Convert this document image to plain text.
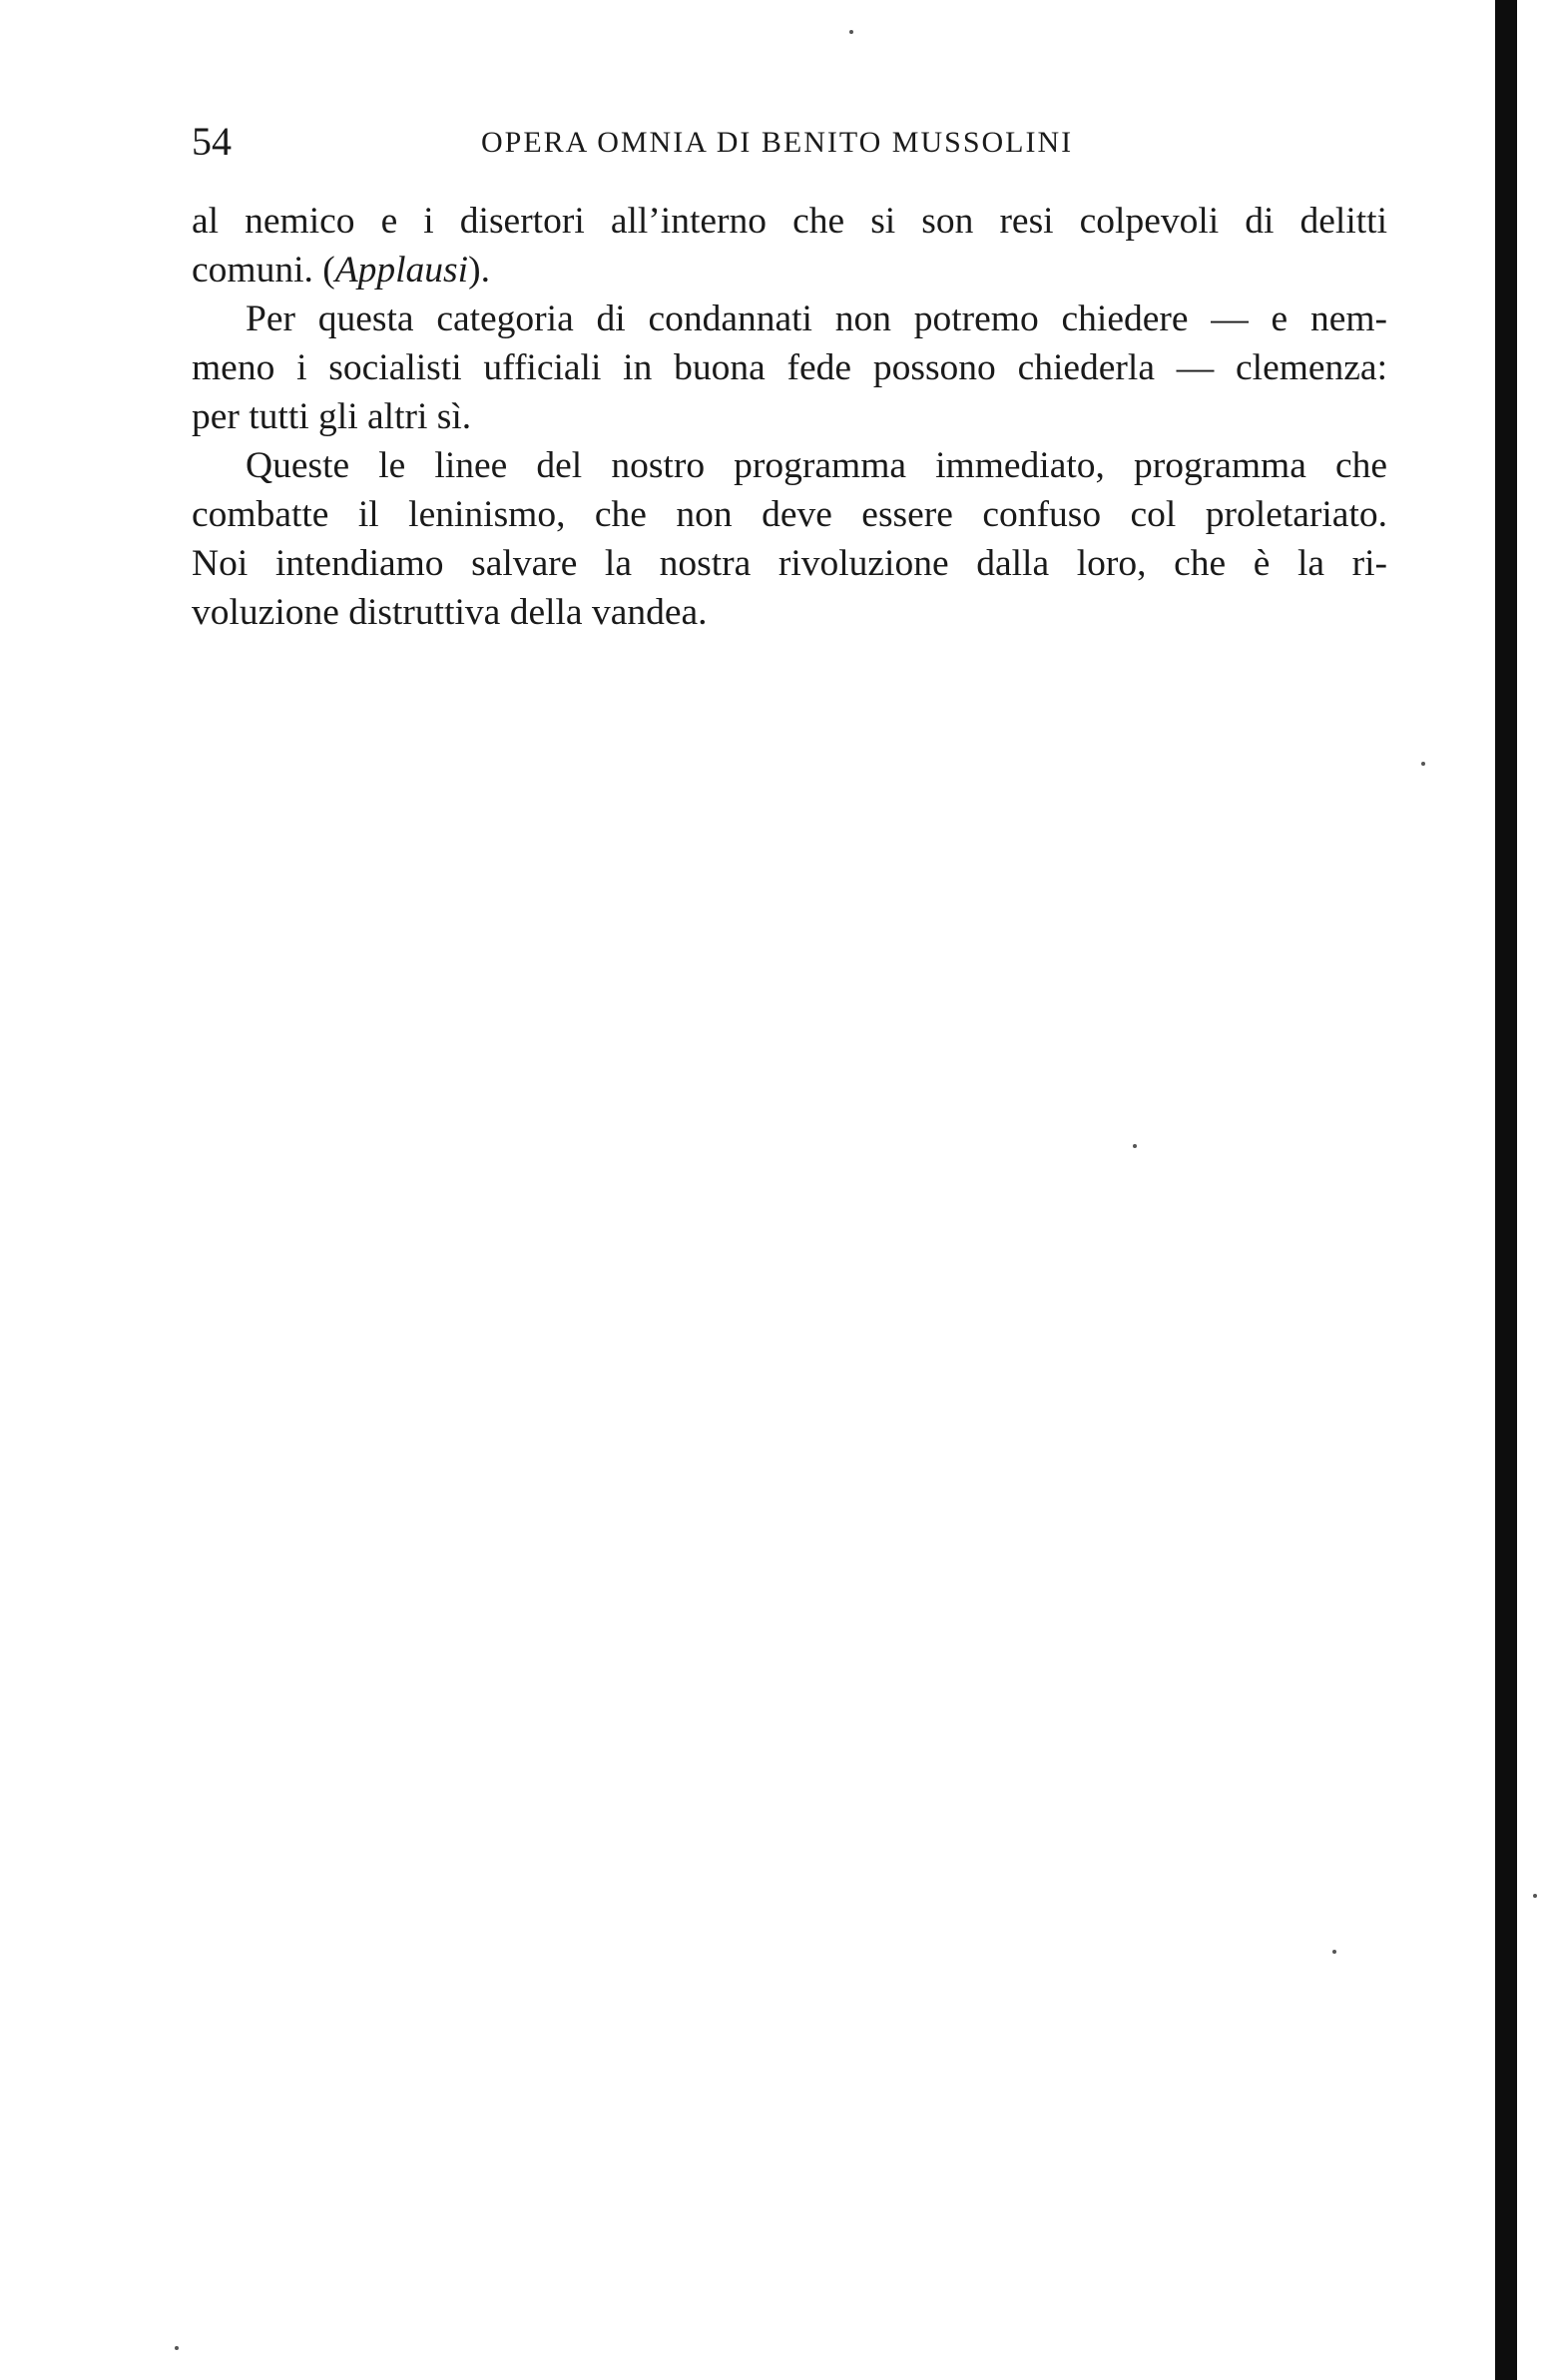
54	OPERA OMNIA DI BENITO MUSSOLINI

al nemico e i disertori all’interno che si son resi colpevoli di delitti

comuni. (Applausi).

Per questa categoria di condannati non potremo chiedere — e nem-

meno i socialisti ufficiali in buona fede possono chiederla — clemenza:

per tutti gli altri sì.

Queste le linee del nostro programma immediato, programma che

combatte il leninismo, che non deve essere confuso col proletariato.

Noi intendiamo salvare la nostra rivoluzione dalla loro, che è la ri-

voluzione distruttiva della vandea.
